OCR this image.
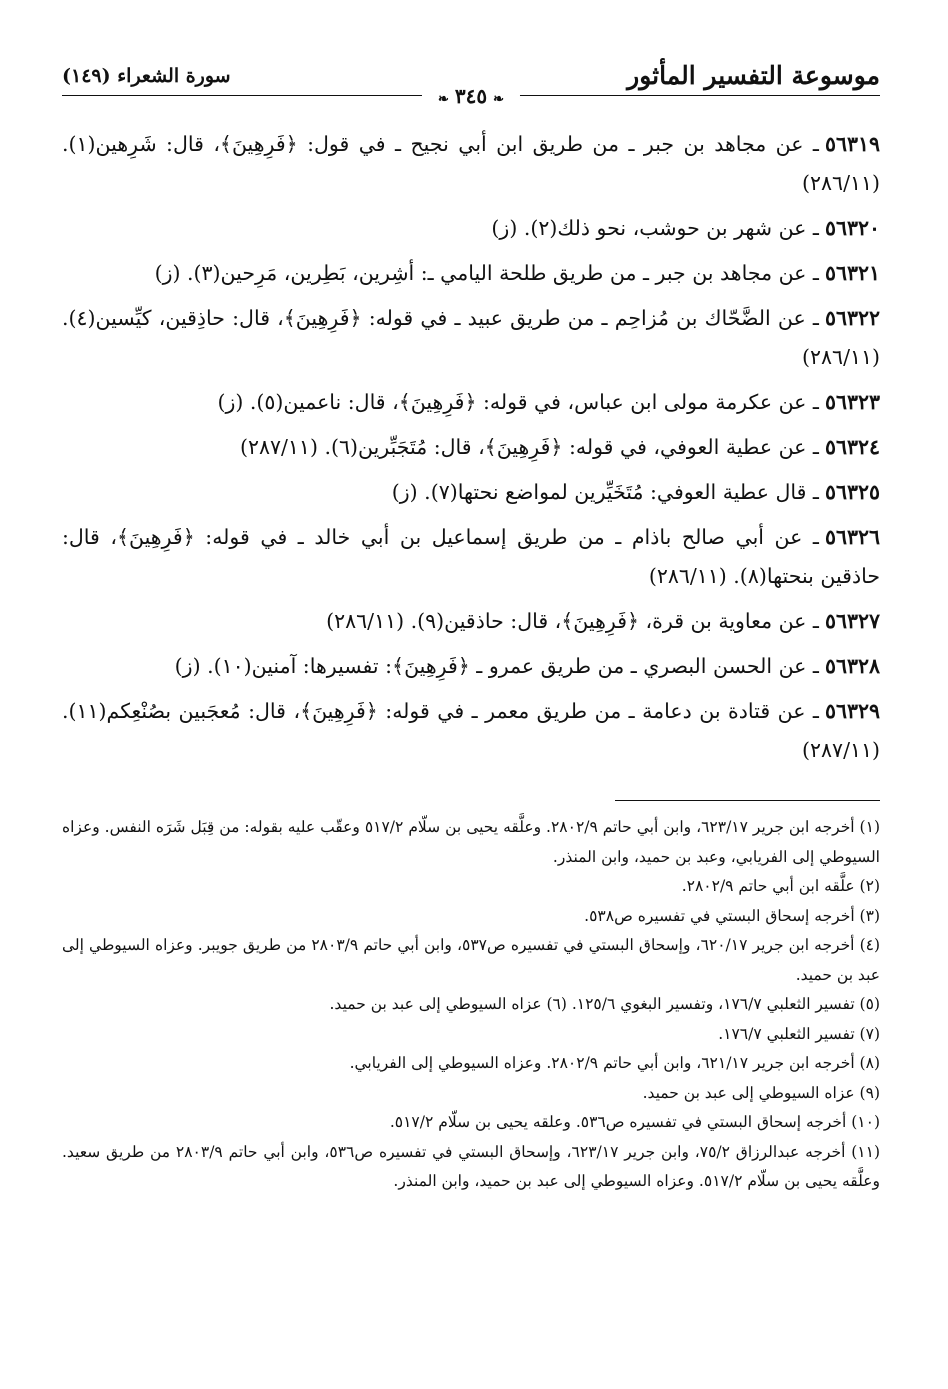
موسوعة التفسير المأثور
سورة الشعراء (١٤٩)
❧٣٤٥❧
٥٦٣١٩ـ عن مجاهد بن جبر ـ من طريق ابن أبي نجيح ـ في قول: ﴿فَرِهِينَ﴾، قال: شَرِهين(١). (٢٨٦/١١)
٥٦٣٢٠ـ عن شهر بن حوشب، نحو ذلك(٢). (ز)
٥٦٣٢١ـ عن مجاهد بن جبر ـ من طريق طلحة اليامي ـ: أشِرين، بَطِرين، مَرِحين(٣). (ز)
٥٦٣٢٢ـ عن الضَّحّاك بن مُزاحِم ـ من طريق عبيد ـ في قوله: ﴿فَرِهِينَ﴾، قال: حاذِقين، كيِّسين(٤). (٢٨٦/١١)
٥٦٣٢٣ـ عن عكرمة مولى ابن عباس، في قوله: ﴿فَرِهِينَ﴾، قال: ناعمين(٥). (ز)
٥٦٣٢٤ـ عن عطية العوفي، في قوله: ﴿فَرِهِينَ﴾، قال: مُتَجَبِّرين(٦). (٢٨٧/١١)
٥٦٣٢٥ـ قال عطية العوفي: مُتَخَيِّرين لمواضع نحتها(٧). (ز)
٥٦٣٢٦ـ عن أبي صالح باذام ـ من طريق إسماعيل بن أبي خالد ـ في قوله: ﴿فَرِهِينَ﴾، قال: حاذقين بنحتها(٨). (٢٨٦/١١)
٥٦٣٢٧ـ عن معاوية بن قرة، ﴿فَرِهِينَ﴾، قال: حاذقين(٩). (٢٨٦/١١)
٥٦٣٢٨ـ عن الحسن البصري ـ من طريق عمرو ـ ﴿فَرِهِينَ﴾: تفسيرها: آمنين(١٠). (ز)
٥٦٣٢٩ـ عن قتادة بن دعامة ـ من طريق معمر ـ في قوله: ﴿فَرِهِينَ﴾، قال: مُعجَبين بصُنْعِكم(١١). (٢٨٧/١١)
(١) أخرجه ابن جرير ٦٢٣/١٧، وابن أبي حاتم ٢٨٠٢/٩. وعلَّقه يحيى بن سلّام ٥١٧/٢ وعقّب عليه بقوله: من قِبَل شَرَه النفس. وعزاه السيوطي إلى الفريابي، وعبد بن حميد، وابن المنذر.
(٢) علَّقه ابن أبي حاتم ٢٨٠٢/٩.
(٣) أخرجه إسحاق البستي في تفسيره ص٥٣٨.
(٤) أخرجه ابن جرير ٦٢٠/١٧، وإسحاق البستي في تفسيره ص٥٣٧، وابن أبي حاتم ٢٨٠٣/٩ من طريق جويبر. وعزاه السيوطي إلى عبد بن حميد.
(٥) تفسير الثعلبي ١٧٦/٧، وتفسير البغوي ١٢٥/٦. (٦) عزاه السيوطي إلى عبد بن حميد.
(٧) تفسير الثعلبي ١٧٦/٧.
(٨) أخرجه ابن جرير ٦٢١/١٧، وابن أبي حاتم ٢٨٠٢/٩. وعزاه السيوطي إلى الفريابي.
(٩) عزاه السيوطي إلى عبد بن حميد.
(١٠) أخرجه إسحاق البستي في تفسيره ص٥٣٦. وعلقه يحيى بن سلّام ٥١٧/٢.
(١١) أخرجه عبدالرزاق ٧٥/٢، وابن جرير ٦٢٣/١٧، وإسحاق البستي في تفسيره ص٥٣٦، وابن أبي حاتم ٢٨٠٣/٩ من طريق سعيد. وعلَّقه يحيى بن سلّام ٥١٧/٢. وعزاه السيوطي إلى عبد بن حميد، وابن المنذر.
